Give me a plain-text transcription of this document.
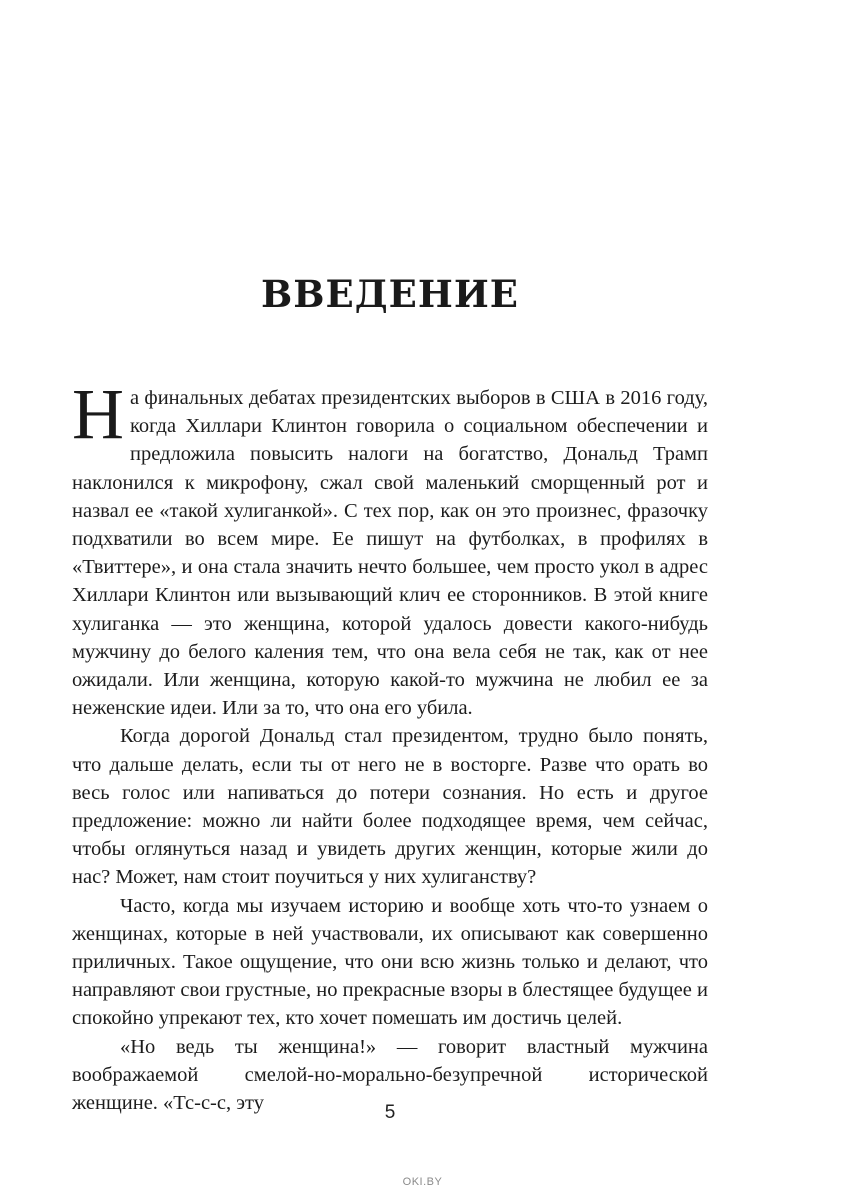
ВВЕДЕНИЕ

На финальных дебатах президентских выборов в США в 2016 году, когда Хиллари Клинтон говорила о социальном обеспечении и предложила повысить налоги на богатство, Дональд Трамп наклонился к микрофону, сжал свой маленький сморщенный рот и назвал ее «такой хулиганкой». С тех пор, как он это произнес, фразочку подхватили во всем мире. Ее пишут на футболках, в профилях в «Твиттере», и она стала значить нечто большее, чем просто укол в адрес Хиллари Клинтон или вызывающий клич ее сторонников. В этой книге хулиганка — это женщина, которой удалось довести какого-нибудь мужчину до белого каления тем, что она вела себя не так, как от нее ожидали. Или женщина, которую какой-то мужчина не любил ее за неженские идеи. Или за то, что она его убила.

Когда дорогой Дональд стал президентом, трудно было понять, что дальше делать, если ты от него не в восторге. Разве что орать во весь голос или напиваться до потери сознания. Но есть и другое предложение: можно ли найти более подходящее время, чем сейчас, чтобы оглянуться назад и увидеть других женщин, которые жили до нас? Может, нам стоит поучиться у них хулиганству?

Часто, когда мы изучаем историю и вообще хоть что-то узнаем о женщинах, которые в ней участвовали, их описывают как совершенно приличных. Такое ощущение, что они всю жизнь только и делают, что направляют свои грустные, но прекрасные взоры в блестящее будущее и спокойно упрекают тех, кто хочет помешать им достичь целей.

«Но ведь ты женщина!» — говорит властный мужчина воображаемой смелой-но-морально-безупречной исторической женщине. «Тс-с-с, эту	5
OKI.BY
